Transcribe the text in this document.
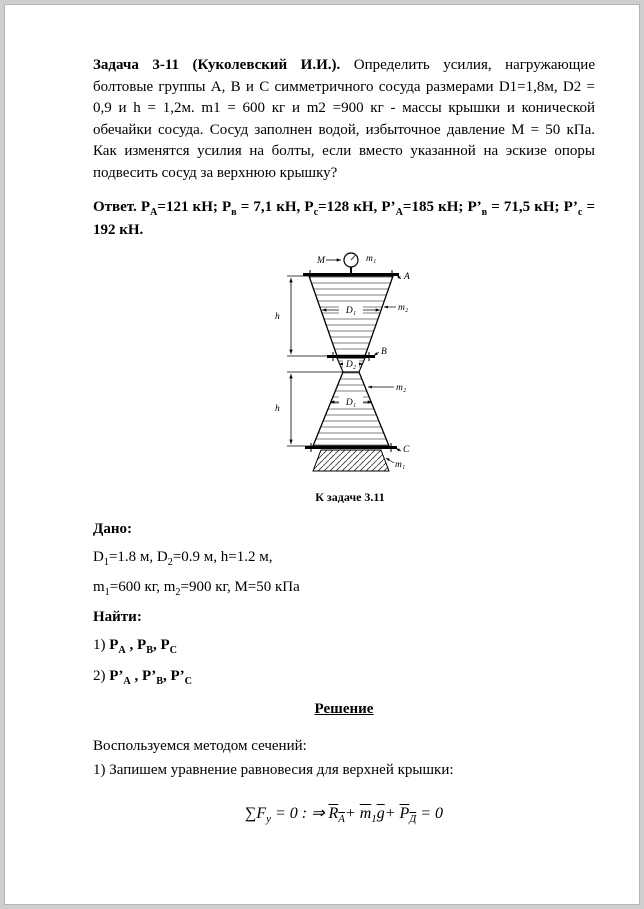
Задача 3-11 (Куколевский И.И.). Определить усилия, нагружающие болтовые группы А, В и С симметричного сосуда размерами D1=1,8м, D2 = 0,9 и h = 1,2м. m1 = 600 кг и m2 =900 кг - массы крышки и конической обечайки сосуда. Сосуд заполнен водой, избыточное давление М = 50 кПа. Как изменятся усилия на болты, если вместо указанной на эскизе опоры подвесить сосуд за верхнюю крышку?

Ответ. $Р_А=121$ кН; $Р_в = 7,1$ кН, $Р_с=128$ кН, $Р’_А=185$ кН; $Р’_в = 71,5$ кН; $Р’_с = 192$ кН.

М	m₁
A
D₁	m₂
B
D₂
m₂
D₁
h
h
C
m₁
К задаче 3.11

Дано:

$D_1=1.8$ м, $D_2=0.9$ м, h=1.2 м,

$m_1=600$ кг, $m_2=900$ кг, М=50 кПа

Найти:

1) $Р_А$ , $Р_В$, $Р_С$

2) $Р’_А$ , $Р’_В$, $Р’_С$

Решение

Воспользуемся методом сечений:

1) Запишем уравнение равновесия для верхней крышки:

$\sum F_y = 0$ : ⇒ $R_А+ \overline{m}_1\overline{g}+ P_Д = 0$
